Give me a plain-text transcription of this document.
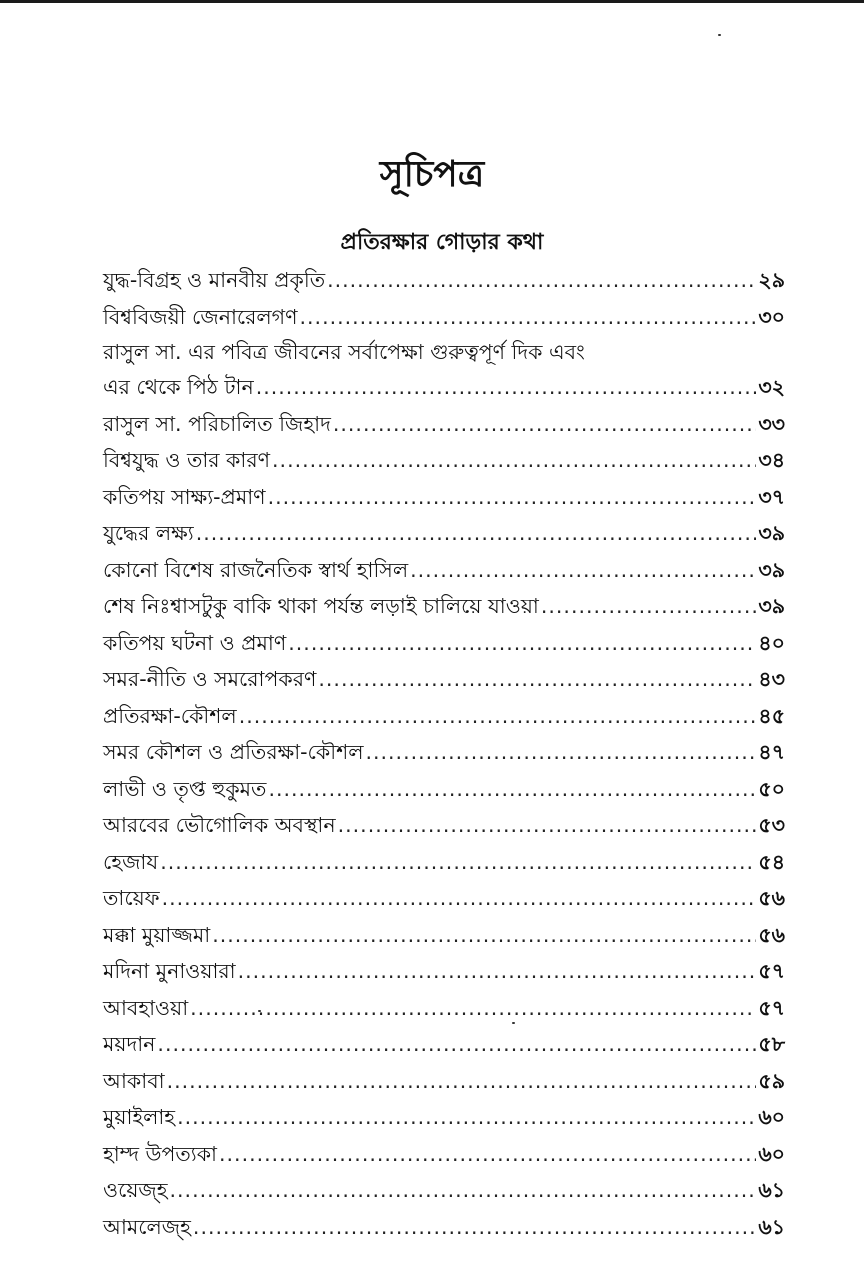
সূচিপত্র
প্রতিরক্ষার গোড়ার কথা
যুদ্ধ-বিগ্রহ ও মানবীয় প্রকৃতি .....	২৯
বিশ্ববিজয়ী জেনারেলগণ .....	৩০
রাসুল সা. এর পবিত্র জীবনের সর্বাপেক্ষা গুরুত্বপূর্ণ দিক এবং
এর থেকে পিঠ টান .....	৩২
রাসুল সা. পরিচালিত জিহাদ .....	৩৩
বিশ্বযুদ্ধ ও তার কারণ .....	৩৪
কতিপয় সাক্ষ্য-প্রমাণ .....	৩৭
যুদ্ধের লক্ষ্য .....	৩৯
কোনো বিশেষ রাজনৈতিক স্বার্থ হাসিল .....	৩৯
শেষ নিঃশ্বাসটুকু বাকি থাকা পর্যন্ত লড়াই চালিয়ে যাওয়া .....	৩৯
কতিপয় ঘটনা ও প্রমাণ .....	৪০
সমর-নীতি ও সমরোপকরণ .....	৪৩
প্রতিরক্ষা-কৌশল .....	৪৫
সমর কৌশল ও প্রতিরক্ষা-কৌশল .....	৪৭
লাভী ও তৃপ্ত হুকুমত .....	৫০
আরবের ভৌগোলিক অবস্থান .....	৫৩
হেজায .....	৫৪
তায়েফ .....	৫৬
মক্কা মুয়াজ্জমা .....	৫৬
মদিনা মুনাওয়ারা .....	৫৭
আবহাওয়া .....	৫৭
ময়দান .....	৫৮
আকাবা .....	৫৯
মুয়াইলাহ .....	৬০
হাম্দ উপত্যকা .....	৬০
ওয়েজ্হ .....	৬১
আমলেজ্হ .....	৬১
